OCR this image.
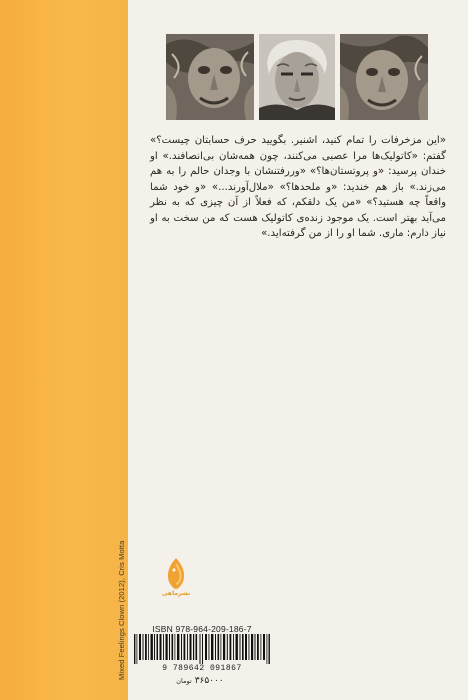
Mixed Feelings Clown (2012), Cris Motta

«این مزخرفات را تمام کنید، اشنیر. بگویید حرف حسابتان چیست؟» گفتم: «کاتولیک‌ها مرا عصبی می‌کنند، چون همه‌شان بی‌انصافند.» او خندان پرسید: «و پروتستان‌ها؟» «وررفتنشان با وجدان حالم را به هم می‌زند.» باز هم خندید: «و ملحدها؟» «ملال‌آورند...» «و خود شما واقعاً چه هستید؟» «من یک دلقکم، که فعلاً از آن چیزی که به نظر می‌آید بهتر است. یک موجود زنده‌ی کاتولیک هست که من سخت به او نیاز دارم: ماری. شما او را از من گرفته‌اید.»

نشرماهی
ISBN 978-964-209-186-7
9 789642 091867
۳۶۵۰۰۰تومان
